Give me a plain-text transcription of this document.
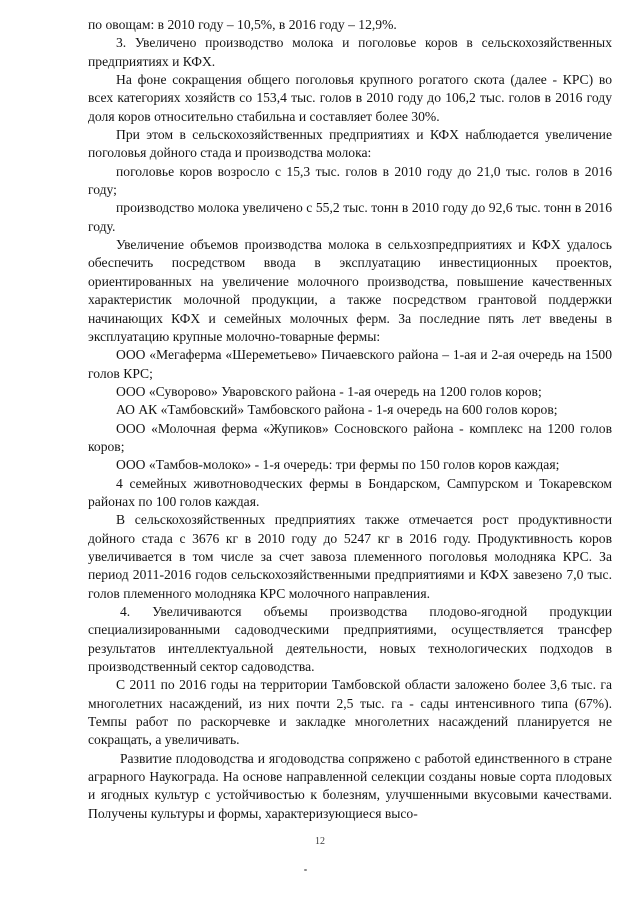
по овощам: в 2010 году – 10,5%, в 2016 году – 12,9%.

3. Увеличено производство молока и поголовье коров в сельскохозяйственных предприятиях и КФХ.

На фоне сокращения общего поголовья крупного рогатого скота (далее - КРС) во всех категориях хозяйств со 153,4 тыс. голов в 2010 году до 106,2 тыс. голов в 2016 году доля коров относительно стабильна и составляет более 30%.

При этом в сельскохозяйственных предприятиях и КФХ наблюдается увеличение поголовья дойного стада и производства молока:

поголовье коров возросло с 15,3 тыс. голов в 2010 году до 21,0 тыс. голов в 2016 году;

производство молока увеличено с 55,2 тыс. тонн в 2010 году до 92,6 тыс. тонн в 2016 году.

Увеличение объемов производства молока в сельхозпредприятиях и КФХ удалось обеспечить посредством ввода в эксплуатацию инвестиционных проектов, ориентированных на увеличение молочного производства, повышение качественных характеристик молочной продукции, а также посредством грантовой поддержки начинающих КФХ и семейных молочных ферм. За последние пять лет введены в эксплуатацию крупные молочно-товарные фермы:

ООО «Мегаферма «Шереметьево» Пичаевского района – 1-ая и 2-ая очередь на 1500 голов КРС;

ООО «Суворово» Уваровского района - 1-ая очередь на 1200 голов коров;

АО АК «Тамбовский» Тамбовского района - 1-я очередь на 600 голов коров;

ООО «Молочная ферма «Жупиков» Сосновского района - комплекс на 1200 голов коров;

ООО «Тамбов-молоко» - 1-я очередь: три фермы по 150 голов коров каждая;

4 семейных животноводческих фермы в Бондарском, Сампурском и Токаревском районах по 100 голов каждая.

В сельскохозяйственных предприятиях также отмечается рост продуктивности дойного стада с 3676 кг в 2010 году до 5247 кг в 2016 году. Продуктивность коров увеличивается в том числе за счет завоза племенного поголовья молодняка КРС. За период 2011-2016 годов сельскохозяйственными предприятиями и КФХ завезено 7,0 тыс. голов племенного молодняка КРС молочного направления.

4. Увеличиваются объемы производства плодово-ягодной продукции специализированными садоводческими предприятиями, осуществляется трансфер результатов интеллектуальной деятельности, новых технологических подходов в производственный сектор садоводства.

С 2011 по 2016 годы на территории Тамбовской области заложено более 3,6 тыс. га многолетних насаждений, из них почти 2,5 тыс. га - сады интенсивного типа (67%). Темпы работ по раскорчевке и закладке многолетних насаждений планируется не сокращать, а увеличивать.

Развитие плодоводства и ягодоводства сопряжено с работой единственного в стране аграрного Наукограда. На основе направленной селекции созданы новые сорта плодовых и ягодных культур с устойчивостью к болезням, улучшенными вкусовыми качествами. Получены культуры и формы, характеризующиеся высо-

12
